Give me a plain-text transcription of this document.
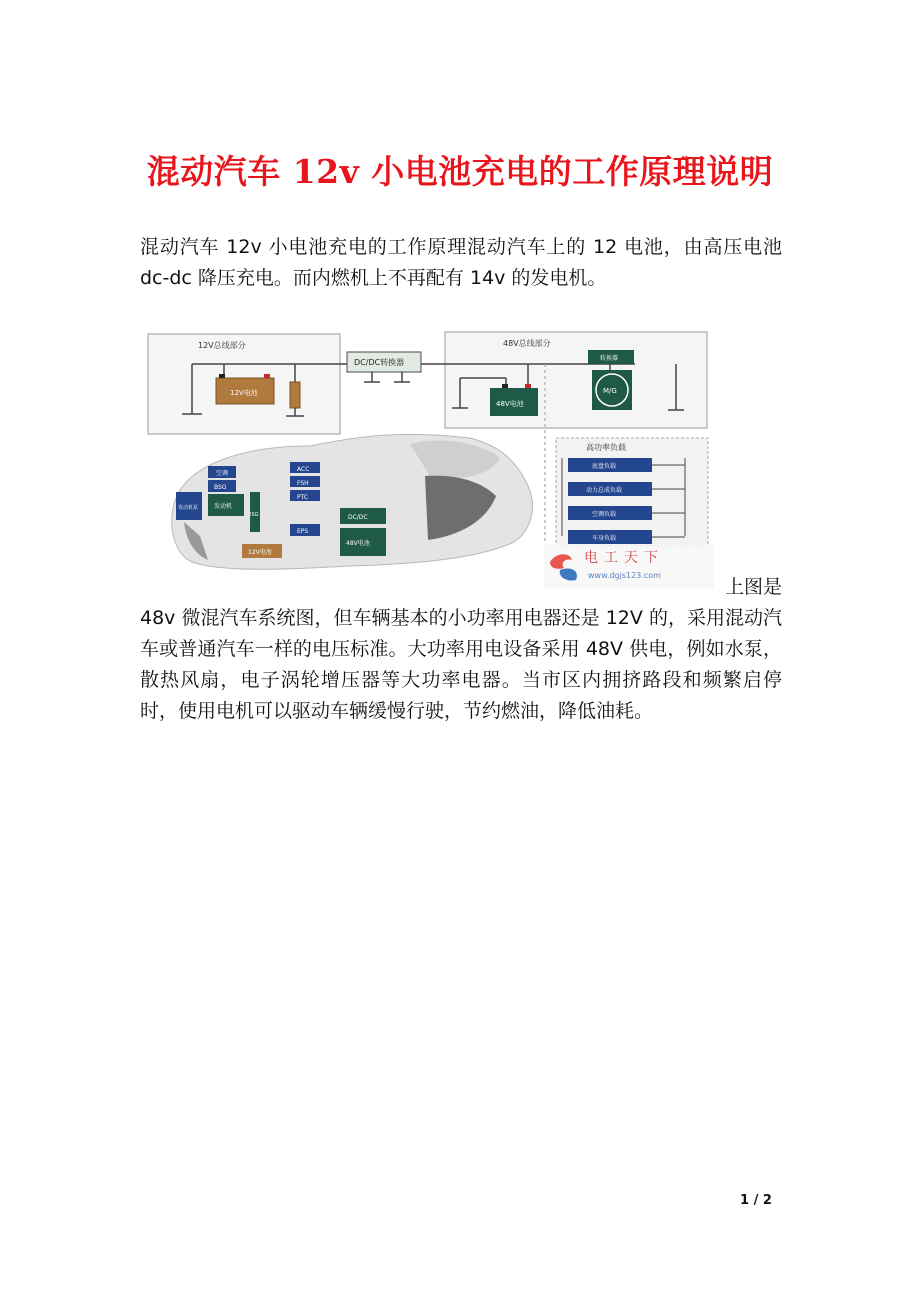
混动汽车 12v 小电池充电的工作原理说明
混动汽车 12v 小电池充电的工作原理混动汽车上的 12 电池，由高压电池 dc-dc 降压充电。而内燃机上不再配有 14v 的发电机。
12V总线部分	48V总线部分
12V电池
DC/DC转换器
48V电池
转换器
M/G
高功率负载
底盘负载
动力总成负载
空调负载
车身负载
空调
BSG
发动机泵	发动机
ISG
ACC
FSH
PTC
EPS
DC/DC
48V电池
12V电池	电工天下
www.dgjs123.com
上图是
48v 微混汽车系统图，但车辆基本的小功率用电器还是 12V 的，采用混动汽车或普通汽车一样的电压标准。大功率用电设备采用 48V 供电，例如水泵，散热风扇，电子涡轮增压器等大功率电器。当市区内拥挤路段和频繁启停时，使用电机可以驱动车辆缓慢行驶，节约燃油，降低油耗。
1 / 2
